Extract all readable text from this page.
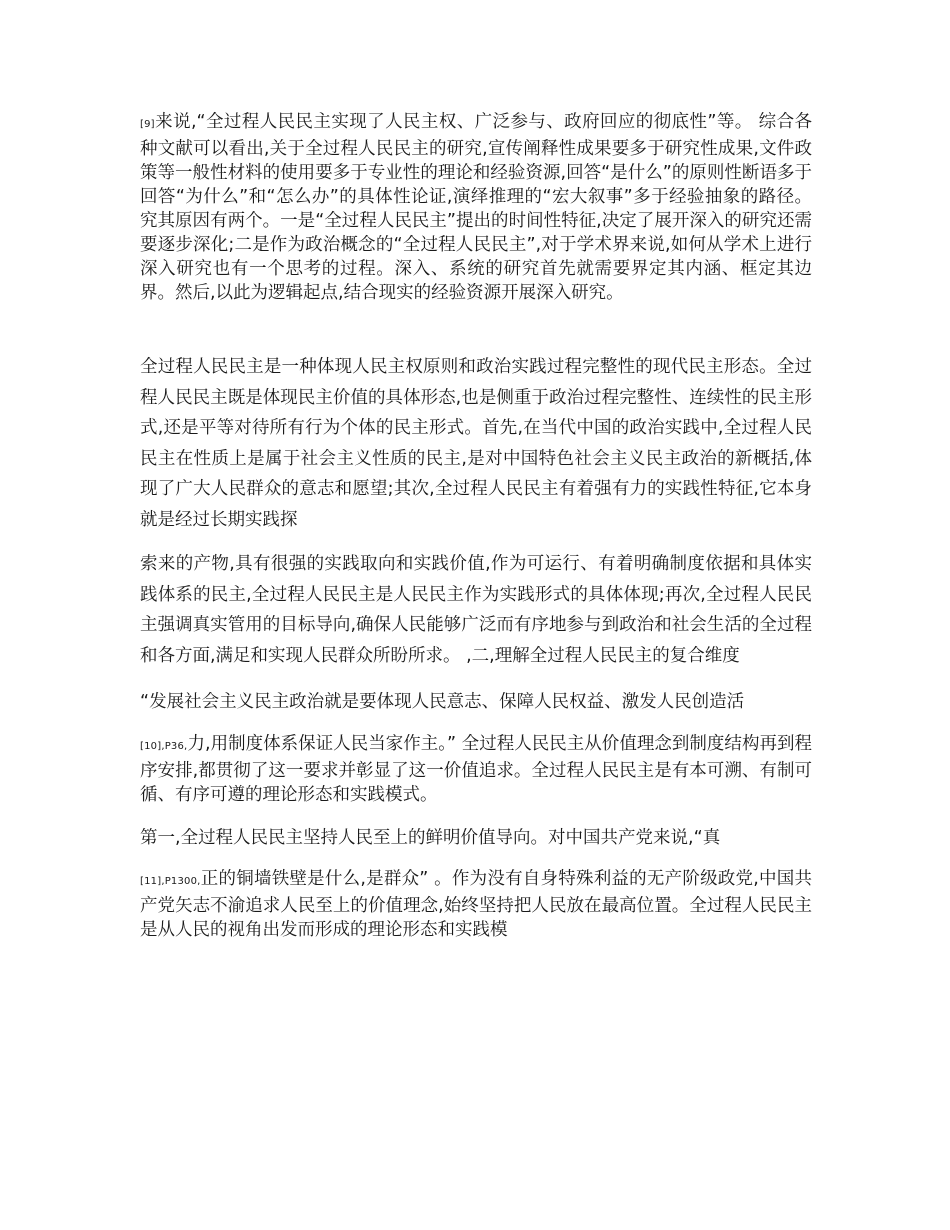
[9]来说,“全过程人民民主实现了人民主权、广泛参与、政府回应的彻底性”等。 综合各种文献可以看出,关于全过程人民民主的研究,宣传阐释性成果要多于研究性成果,文件政策等一般性材料的使用要多于专业性的理论和经验资源,回答“是什么”的原则性断语多于回答“为什么”和“怎么办”的具体性论证,演绎推理的“宏大叙事”多于经验抽象的路径。究其原因有两个。一是“全过程人民民主”提出的时间性特征,决定了展开深入的研究还需要逐步深化;二是作为政治概念的“全过程人民民主”,对于学术界来说,如何从学术上进行深入研究也有一个思考的过程。深入、系统的研究首先就需要界定其内涵、框定其边界。然后,以此为逻辑起点,结合现实的经验资源开展深入研究。

全过程人民民主是一种体现人民主权原则和政治实践过程完整性的现代民主形态。全过程人民民主既是体现民主价值的具体形态,也是侧重于政治过程完整性、连续性的民主形式,还是平等对待所有行为个体的民主形式。首先,在当代中国的政治实践中,全过程人民民主在性质上是属于社会主义性质的民主,是对中国特色社会主义民主政治的新概括,体现了广大人民群众的意志和愿望;其次,全过程人民民主有着强有力的实践性特征,它本身就是经过长期实践探

索来的产物,具有很强的实践取向和实践价值,作为可运行、有着明确制度依据和具体实践体系的民主,全过程人民民主是人民民主作为实践形式的具体体现;再次,全过程人民民主强调真实管用的目标导向,确保人民能够广泛而有序地参与到政治和社会生活的全过程和各方面,满足和实现人民群众所盼所求。 ,二,理解全过程人民民主的复合维度

“发展社会主义民主政治就是要体现人民意志、保障人民权益、激发人民创造活

[10],P36,力,用制度体系保证人民当家作主。” 全过程人民民主从价值理念到制度结构再到程序安排,都贯彻了这一要求并彰显了这一价值追求。全过程人民民主是有本可溯、有制可循、有序可遵的理论形态和实践模式。

第一,全过程人民民主坚持人民至上的鲜明价值导向。对中国共产党来说,“真

[11],P1300,正的铜墙铁壁是什么,是群众” 。作为没有自身特殊利益的无产阶级政党,中国共产党矢志不渝追求人民至上的价值理念,始终坚持把人民放在最高位置。全过程人民民主是从人民的视角出发而形成的理论形态和实践模
